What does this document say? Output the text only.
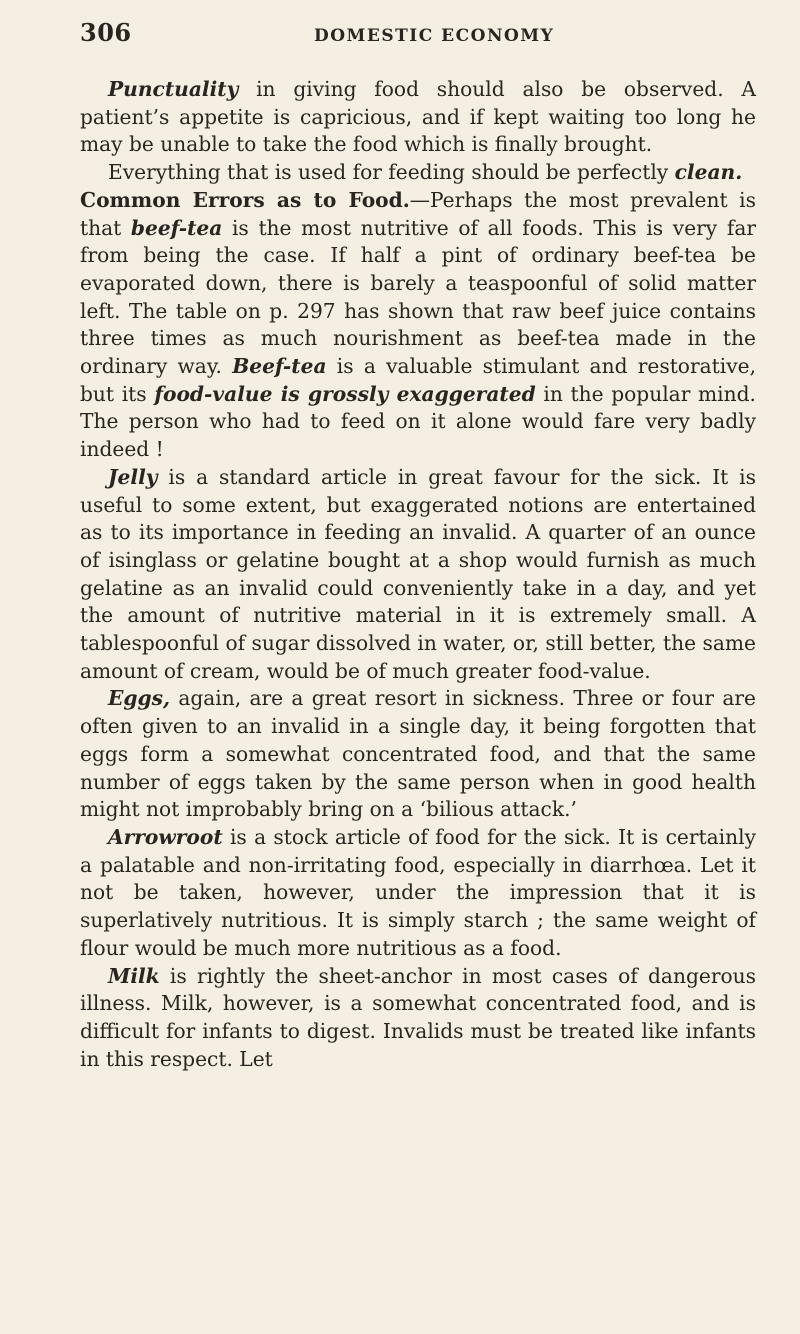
306	DOMESTIC ECONOMY

Punctuality in giving food should also be observed. A patient’s appetite is capricious, and if kept waiting too long he may be unable to take the food which is finally brought.

Everything that is used for feeding should be perfectly clean.

Common Errors as to Food.—Perhaps the most prevalent is that beef-tea is the most nutritive of all foods. This is very far from being the case. If half a pint of ordinary beef-tea be evaporated down, there is barely a teaspoonful of solid matter left. The table on p. 297 has shown that raw beef juice contains three times as much nourishment as beef-tea made in the ordinary way. Beef-tea is a valuable stimulant and restorative, but its food-value is grossly exaggerated in the popular mind. The person who had to feed on it alone would fare very badly indeed !

Jelly is a standard article in great favour for the sick. It is useful to some extent, but exaggerated notions are entertained as to its importance in feeding an invalid. A quarter of an ounce of isinglass or gelatine bought at a shop would furnish as much gelatine as an invalid could conveniently take in a day, and yet the amount of nutritive material in it is extremely small. A tablespoonful of sugar dissolved in water, or, still better, the same amount of cream, would be of much greater food-value.

Eggs, again, are a great resort in sickness. Three or four are often given to an invalid in a single day, it being forgotten that eggs form a somewhat concentrated food, and that the same number of eggs taken by the same person when in good health might not improbably bring on a ‘bilious attack.’

Arrowroot is a stock article of food for the sick. It is certainly a palatable and non-irritating food, especially in diarrhœa. Let it not be taken, however, under the impression that it is superlatively nutritious. It is simply starch ; the same weight of flour would be much more nutritious as a food.

Milk is rightly the sheet-anchor in most cases of dangerous illness. Milk, however, is a somewhat concentrated food, and is difficult for infants to digest. Invalids must be treated like infants in this respect. Let
